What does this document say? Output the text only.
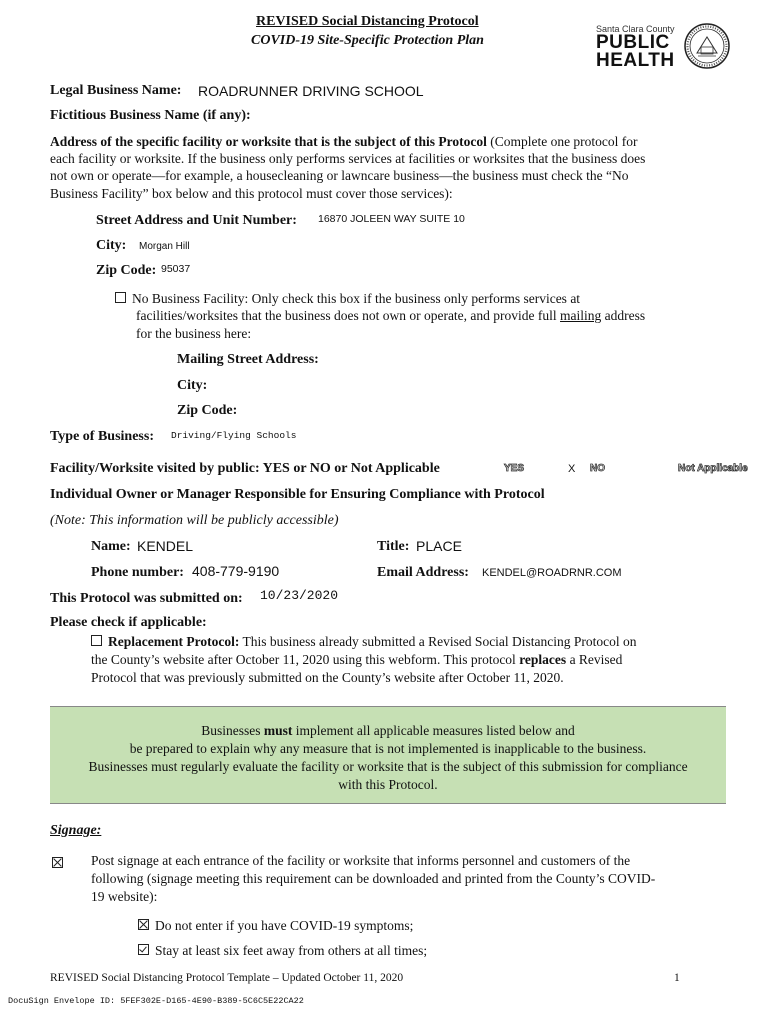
REVISED Social Distancing Protocol
COVID-19 Site-Specific Protection Plan
Santa Clara County
PUBLIC
HEALTH
Legal Business Name: ROADRUNNER DRIVING SCHOOL
Fictitious Business Name (if any):
Address of the specific facility or worksite that is the subject of this Protocol (Complete one protocol for
each facility or worksite. If the business only performs services at facilities or worksites that the business does
not own or operate—for example, a housecleaning or lawncare business—the business must check the “No
Business Facility” box below and this protocol must cover those services):
Street Address and Unit Number: 16870 JOLEEN WAY SUITE 10
City: Morgan Hill
Zip Code: 95037
No Business Facility: Only check this box if the business only performs services at
facilities/worksites that the business does not own or operate, and provide full mailing address
for the business here:
Mailing Street Address:
City:
Zip Code:
Type of Business: Driving/Flying Schools
Facility/Worksite visited by public: YES or NO or Not Applicable	YES	X NO	Not Applicable
Individual Owner or Manager Responsible for Ensuring Compliance with Protocol
(Note: This information will be publicly accessible)
Name: KENDEL	Title: PLACE
Phone number: 408-779-9190	Email Address: KENDEL@ROADRNR.COM
This Protocol was submitted on: 10/23/2020
Please check if applicable:
Replacement Protocol: This business already submitted a Revised Social Distancing Protocol on
the County’s website after October 11, 2020 using this webform. This protocol replaces a Revised
Protocol that was previously submitted on the County’s website after October 11, 2020.
Businesses must implement all applicable measures listed below and
be prepared to explain why any measure that is not implemented is inapplicable to the business.
Businesses must regularly evaluate the facility or worksite that is the subject of this submission for compliance
with this Protocol.
Signage:
Post signage at each entrance of the facility or worksite that informs personnel and customers of the
following (signage meeting this requirement can be downloaded and printed from the County’s COVID-
19 website):
Do not enter if you have COVID-19 symptoms;
Stay at least six feet away from others at all times;
REVISED Social Distancing Protocol Template – Updated October 11, 2020	1
DocuSign Envelope ID: 5FEF302E-D165-4E90-B389-5C6C5E22CA22
